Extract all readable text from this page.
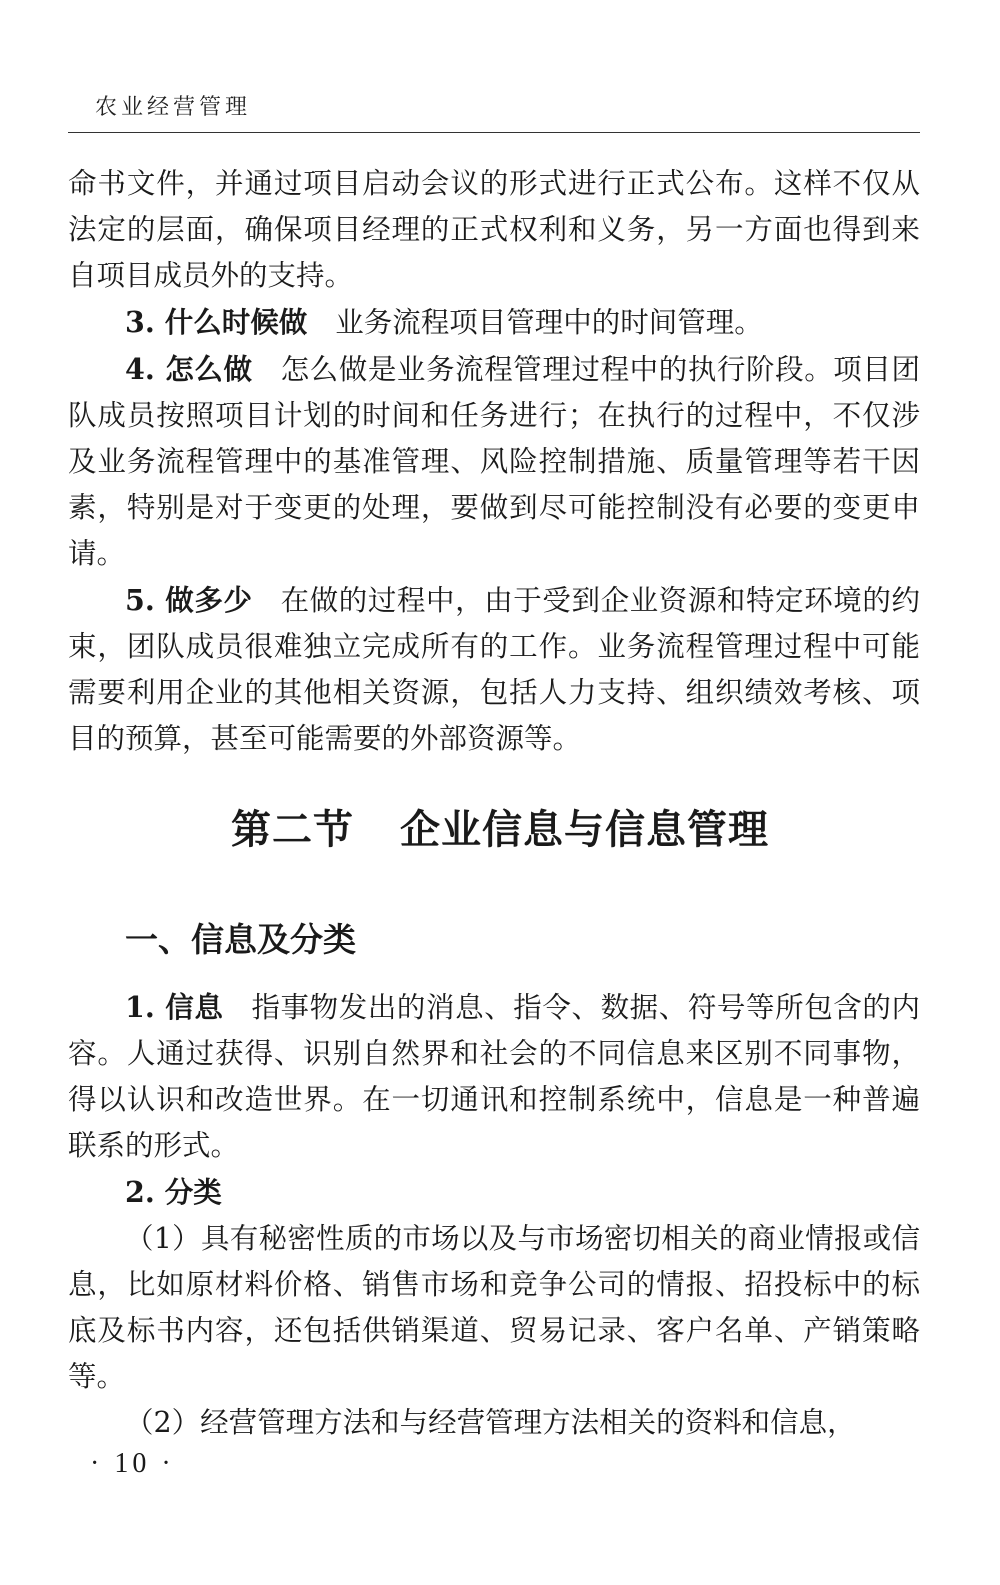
农业经营管理

命书文件，并通过项目启动会议的形式进行正式公布。这样不仅从法定的层面，确保项目经理的正式权利和义务，另一方面也得到来自项目成员外的支持。

3. 什么时候做 业务流程项目管理中的时间管理。

4. 怎么做 怎么做是业务流程管理过程中的执行阶段。项目团队成员按照项目计划的时间和任务进行；在执行的过程中，不仅涉及业务流程管理中的基准管理、风险控制措施、质量管理等若干因素，特别是对于变更的处理，要做到尽可能控制没有必要的变更申请。

5. 做多少 在做的过程中，由于受到企业资源和特定环境的约束，团队成员很难独立完成所有的工作。业务流程管理过程中可能需要利用企业的其他相关资源，包括人力支持、组织绩效考核、项目的预算，甚至可能需要的外部资源等。

第二节 企业信息与信息管理
一、信息及分类

1. 信息 指事物发出的消息、指令、数据、符号等所包含的内容。人通过获得、识别自然界和社会的不同信息来区别不同事物，得以认识和改造世界。在一切通讯和控制系统中，信息是一种普遍联系的形式。

2. 分类

（1）具有秘密性质的市场以及与市场密切相关的商业情报或信息，比如原材料价格、销售市场和竞争公司的情报、招投标中的标底及标书内容，还包括供销渠道、贸易记录、客户名单、产销策略等。

（2）经营管理方法和与经营管理方法相关的资料和信息，

· 10 ·
